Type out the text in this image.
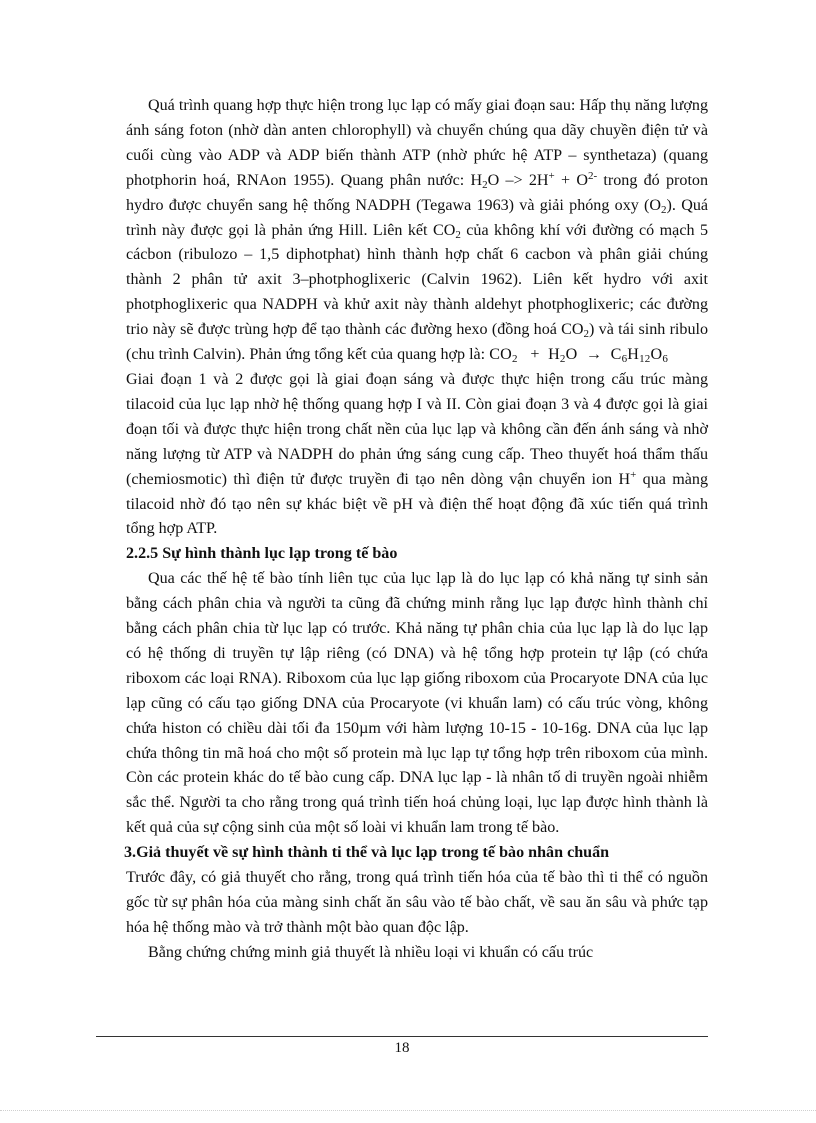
Quá trình quang hợp thực hiện trong lục lạp có mấy giai đoạn sau: Hấp thụ năng lượng ánh sáng foton (nhờ dàn anten chlorophyll) và chuyển chúng qua dãy chuyền điện tử và cuối cùng vào ADP và ADP biến thành ATP (nhờ phức hệ ATP – synthetaza) (quang photphorin hoá, RNAon 1955). Quang phân nước: $H_2O -> 2H^+ + O^{2-}$ trong đó proton hydro được chuyển sang hệ thống NADPH (Tegawa 1963) và giải phóng oxy $(O_2)$. Quá trình này được gọi là phản ứng Hill. Liên kết $CO_2$ của không khí với đường có mạch 5 cácbon (ribulozo – 1,5 diphotphat) hình thành hợp chất 6 cacbon và phân giải chúng thành 2 phân tử axit 3–photphoglixeric (Calvin 1962). Liên kết hydro với axit photphoglixeric qua NADPH và khử axit này thành aldehyt photphoglixeric; các đường trio này sẽ được trùng hợp để tạo thành các đường hexo (đồng hoá $CO_2$) và tái sinh ribulo (chu trình Calvin). Phản ứng tổng kết của quang hợp là: $CO_2 + H_2O \to C_6H_{12}O_6$

Giai đoạn 1 và 2 được gọi là giai đoạn sáng và được thực hiện trong cấu trúc màng tilacoid của lục lạp nhờ hệ thống quang hợp I và II. Còn giai đoạn 3 và 4 được gọi là giai đoạn tối và được thực hiện trong chất nền của lục lạp và không cần đến ánh sáng và nhờ năng lượng từ ATP và NADPH do phản ứng sáng cung cấp. Theo thuyết hoá thẩm thấu (chemiosmotic) thì điện tử được truyền đi tạo nên dòng vận chuyển ion H+ qua màng tilacoid nhờ đó tạo nên sự khác biệt về pH và điện thế hoạt động đã xúc tiến quá trình tổng hợp ATP.

2.2.5 Sự hình thành lục lạp trong tế bào

Qua các thế hệ tế bào tính liên tục của lục lạp là do lục lạp có khả năng tự sinh sản bằng cách phân chia và người ta cũng đã chứng minh rằng lục lạp được hình thành chỉ bằng cách phân chia từ lục lạp có trước. Khả năng tự phân chia của lục lạp là do lục lạp có hệ thống di truyền tự lập riêng (có DNA) và hệ tổng hợp protein tự lập (có chứa riboxom các loại RNA). Riboxom của lục lạp giống riboxom của Procaryote DNA của lục lạp cũng có cấu tạo giống DNA của Procaryote (vi khuẩn lam) có cấu trúc vòng, không chứa histon có chiều dài tối đa 150µm với hàm lượng 10-15 - 10-16g. DNA của lục lạp chứa thông tin mã hoá cho một số protein mà lục lạp tự tổng hợp trên riboxom của mình. Còn các protein khác do tế bào cung cấp. DNA lục lạp - là nhân tố di truyền ngoài nhiễm sắc thể. Người ta cho rằng trong quá trình tiến hoá chủng loại, lục lạp được hình thành là kết quả của sự cộng sinh của một số loài vi khuẩn lam trong tế bào.

3.Giả thuyết về sự hình thành ti thể và lục lạp trong tế bào nhân chuẩn

Trước đây, có giả thuyết cho rằng, trong quá trình tiến hóa của tế bào thì ti thể có nguồn gốc từ sự phân hóa của màng sinh chất ăn sâu vào tế bào chất, về sau ăn sâu và phức tạp hóa hệ thống mào và trở thành một bào quan độc lập.

Bằng chứng chứng minh giả thuyết là nhiều loại vi khuẩn có cấu trúc

18
